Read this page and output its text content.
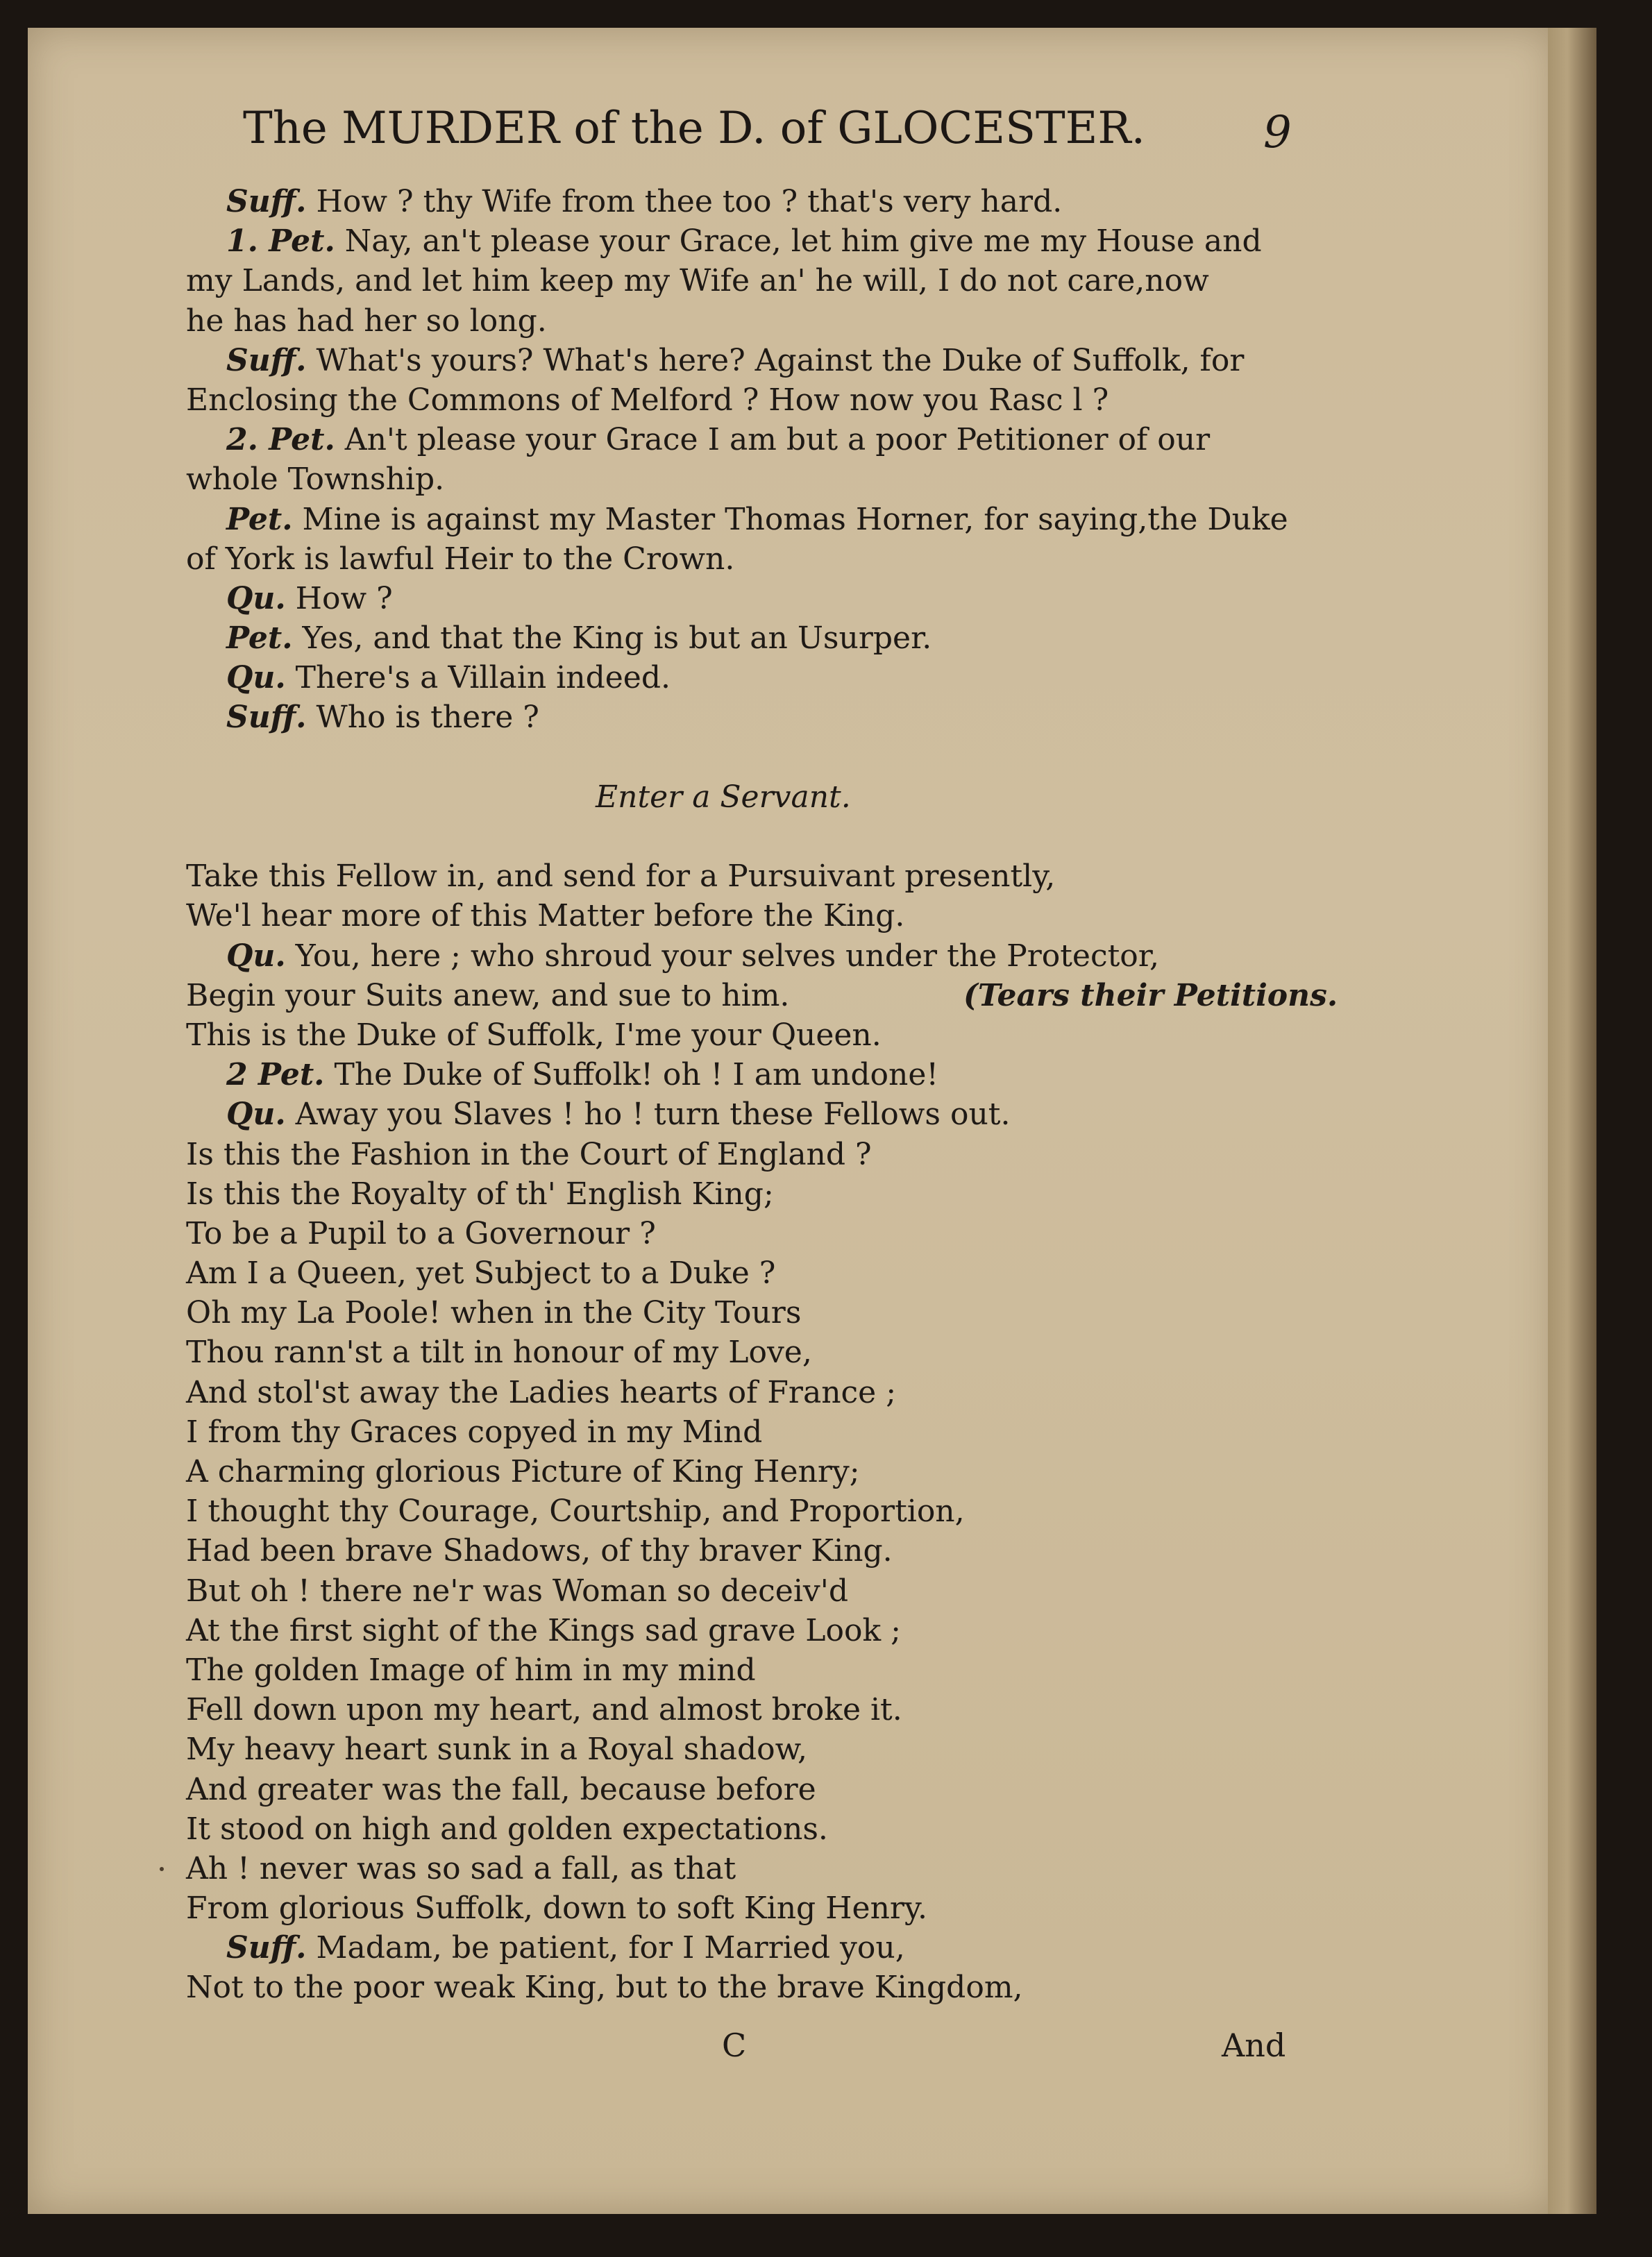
The MURDER of the D. of GLOCESTER.	9
Suff. How ? thy Wife from thee too ? that's very hard.
1. Pet. Nay, an't please your Grace, let him give me my House and
my Lands, and let him keep my Wife an' he will, I do not care,now
he has had her so long.
Suff. What's yours? What's here? Against the Duke of Suffolk, for
Enclosing the Commons of Melford ? How now you Rasc l ?
2. Pet. An't please your Grace I am but a poor Petitioner of our
whole Township.
Pet. Mine is against my Master Thomas Horner, for saying,the Duke
of York is lawful Heir to the Crown.
Qu. How ?
Pet. Yes, and that the King is but an Usurper.
Qu. There's a Villain indeed.
Suff. Who is there ?
Enter a Servant.
Take this Fellow in, and send for a Pursuivant presently,
We'l hear more of this Matter before the King.
Qu. You, here ; who shroud your selves under the Protector,
Begin your Suits anew, and sue to him.	(Tears their Petitions.
This is the Duke of Suffolk, I'me your Queen.
2 Pet. The Duke of Suffolk! oh ! I am undone!
Qu. Away you Slaves ! ho ! turn these Fellows out.
Is this the Fashion in the Court of England ?
Is this the Royalty of th' English King;
To be a Pupil to a Governour ?
Am I a Queen, yet Subject to a Duke ?
Oh my La Poole! when in the City Tours
Thou rann'st a tilt in honour of my Love,
And stol'st away the Ladies hearts of France ;
I from thy Graces copyed in my Mind
A charming glorious Picture of King Henry;
I thought thy Courage, Courtship, and Proportion,
Had been brave Shadows, of thy braver King.
But oh ! there ne'r was Woman so deceiv'd
At the first sight of the Kings sad grave Look ;
The golden Image of him in my mind
Fell down upon my heart, and almost broke it.
My heavy heart sunk in a Royal shadow,
And greater was the fall, because before
It stood on high and golden expectations.
Ah ! never was so sad a fall, as that
From glorious Suffolk, down to soft King Henry.
Suff. Madam, be patient, for I Married you,
Not to the poor weak King, but to the brave Kingdom,
C	And
